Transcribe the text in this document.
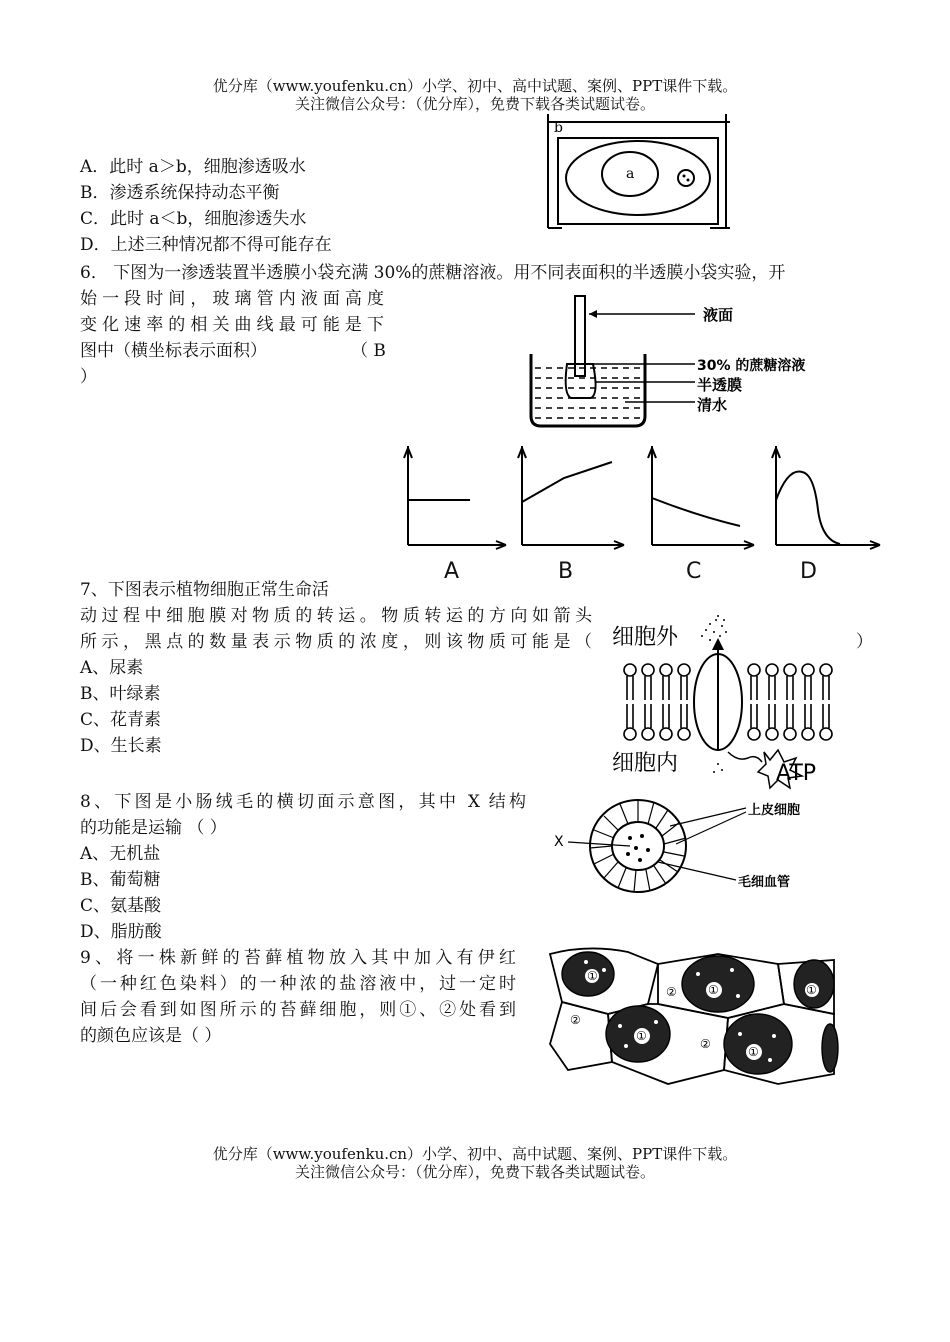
优分库（www.youfenku.cn）小学、初中、高中试题、案例、PPT课件下载。
关注微信公众号：（优分库），免费下载各类试题试卷。
a
b
A．此时 a＞b，细胞渗透吸水
B．渗透系统保持动态平衡
C．此时 a＜b，细胞渗透失水
D．上述三种情况都不得可能存在
6． 下图为一渗透装置半透膜小袋充满 30%的蔗糖溶液。用不同表面积的半透膜小袋实验，开
始一段时间，玻璃管内液面高度
变化速率的相关曲线最可能是下
图中（横坐标表示面积）	（ B
）
液面
30% 的蔗糖溶液
半透膜
清水
A	B	C	D
7、下图表示植物细胞正常生命活
动过程中细胞膜对物质的转运。物质转运的方向如箭头
所示，黑点的数量表示物质的浓度，则该物质可能是（	）
A、尿素
B、叶绿素
C、花青素
D、生长素
细胞外
细胞内	ATP
8、下图是小肠绒毛的横切面示意图，其中 X 结构
的功能是运输 （ ）
A、无机盐
B、葡萄糖
C、氨基酸
D、脂肪酸
X
上皮细胞
毛细血管
9、将一株新鲜的苔藓植物放入其中加入有伊红
（一种红色染料）的一种浓的盐溶液中，过一定时
间后会看到如图所示的苔藓细胞，则①、②处看到
的颜色应该是（ ）
①
①	①
①
①
②
②
②
优分库（www.youfenku.cn）小学、初中、高中试题、案例、PPT课件下载。
关注微信公众号：（优分库），免费下载各类试题试卷。
